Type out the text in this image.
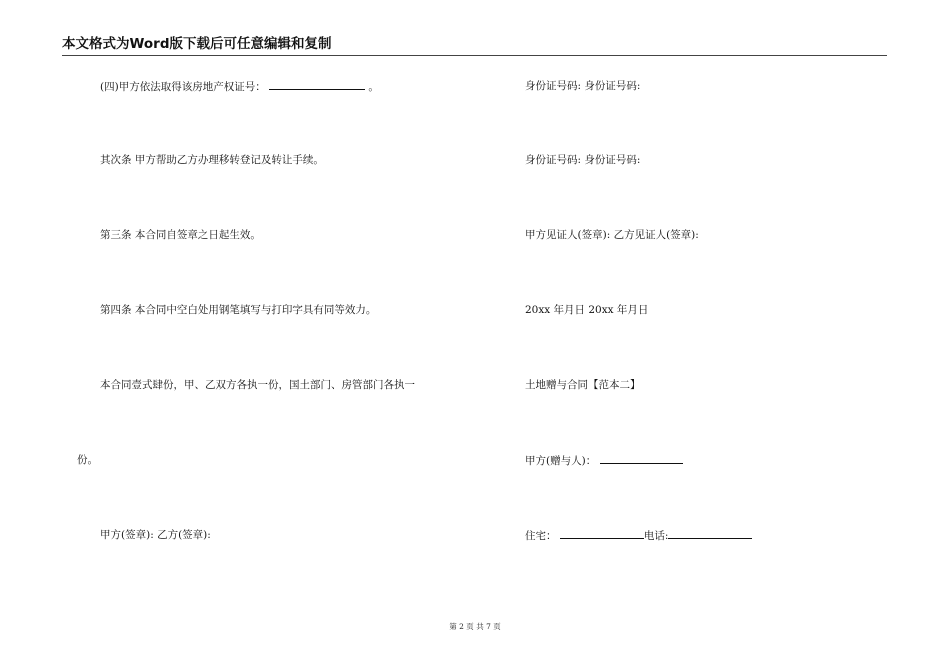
本文格式为Word版下载后可任意编辑和复制
(四)甲方依法取得该房地产权证号：	。
其次条 甲方帮助乙方办理移转登记及转让手续。
第三条 本合同自签章之日起生效。
第四条 本合同中空白处用钢笔填写与打印字具有同等效力。
本合同壹式肆份，甲、乙双方各执一份，国土部门、房管部门各执一
份。
甲方(签章): 乙方(签章):
身份证号码: 身份证号码:
身份证号码: 身份证号码:
甲方见证人(签章): 乙方见证人(签章):
20xx 年月日 20xx 年月日
土地赠与合同【范本二】
甲方(赠与人)：
住宅：	电话:
第 2 页 共 7 页
